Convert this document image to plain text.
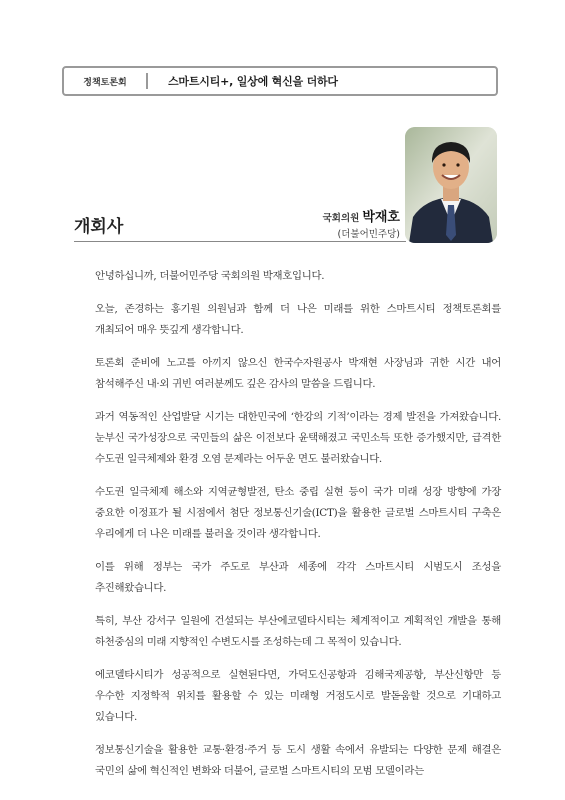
정책토론회	스마트시티+, 일상에 혁신을 더하다
개회사	국회의원 박재호
(더불어민주당)

안녕하십니까, 더불어민주당 국회의원 박재호입니다.

오늘, 존경하는 홍기원 의원님과 함께 더 나은 미래를 위한 스마트시티 정책토론회를 개최되어 매우 뜻깊게 생각합니다.

토론회 준비에 노고를 아끼지 않으신 한국수자원공사 박재현 사장님과 귀한 시간 내어 참석해주신 내·외 귀빈 여러분께도 깊은 감사의 말씀을 드립니다.

과거 역동적인 산업발달 시기는 대한민국에 ‘한강의 기적’이라는 경제 발전을 가져왔습니다. 눈부신 국가성장으로 국민들의 삶은 이전보다 윤택해졌고 국민소득 또한 증가했지만, 급격한 수도권 일극체제와 환경 오염 문제라는 어두운 면도 불러왔습니다.

수도권 일극체제 해소와 지역균형발전, 탄소 중립 실현 등이 국가 미래 성장 방향에 가장 중요한 이정표가 될 시점에서 첨단 정보통신기술(ICT)을 활용한 글로벌 스마트시티 구축은 우리에게 더 나은 미래를 불러올 것이라 생각합니다.

이를 위해 정부는 국가 주도로 부산과 세종에 각각 스마트시티 시범도시 조성을 추진해왔습니다.

특히, 부산 강서구 일원에 건설되는 부산에코델타시티는 체계적이고 계획적인 개발을 통해 하천중심의 미래 지향적인 수변도시를 조성하는데 그 목적이 있습니다.

에코델타시티가 성공적으로 실현된다면, 가덕도신공항과 김해국제공항, 부산신항만 등 우수한 지정학적 위치를 활용할 수 있는 미래형 거점도시로 발돋움할 것으로 기대하고 있습니다.

정보통신기술을 활용한 교통·환경·주거 등 도시 생활 속에서 유발되는 다양한 문제 해결은 국민의 삶에 혁신적인 변화와 더불어, 글로벌 스마트시티의 모범 모델이라는
